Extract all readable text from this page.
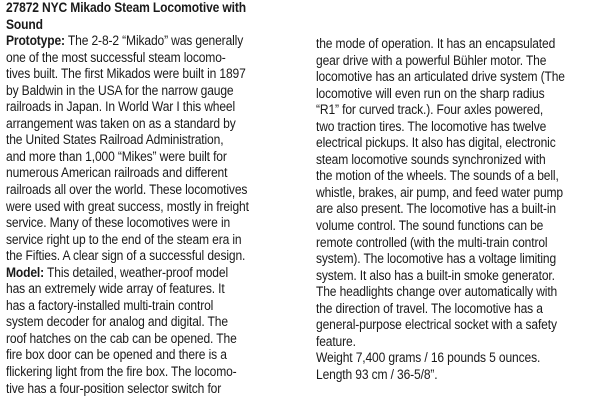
27872 NYC Mikado Steam Locomotive with
Sound
Prototype: The 2-8-2 “Mikado” was generally
one of the most successful steam locomo-
tives built. The first Mikados were built in 1897
by Baldwin in the USA for the narrow gauge
railroads in Japan. In World War I this wheel
arrangement was taken on as a standard by
the United States Railroad Administration,
and more than 1,000 “Mikes” were built for
numerous American railroads and different
railroads all over the world. These locomotives
were used with great success, mostly in freight
service. Many of these locomotives were in
service right up to the end of the steam era in
the Fifties. A clear sign of a successful design.
Model: This detailed, weather-proof model
has an extremely wide array of features. It
has a factory-installed multi-train control
system decoder for analog and digital. The
roof hatches on the cab can be opened. The
fire box door can be opened and there is a
flickering light from the fire box. The locomo-
tive has a four-position selector switch for
the mode of operation. It has an encapsulated
gear drive with a powerful Bühler motor. The
locomotive has an articulated drive system (The
locomotive will even run on the sharp radius
“R1” for curved track.). Four axles powered,
two traction tires. The locomotive has twelve
electrical pickups. It also has digital, electronic
steam locomotive sounds synchronized with
the motion of the wheels. The sounds of a bell,
whistle, brakes, air pump, and feed water pump
are also present. The locomotive has a built-in
volume control. The sound functions can be
remote controlled (with the multi-train control
system). The locomotive has a voltage limiting
system. It also has a built-in smoke generator.
The headlights change over automatically with
the direction of travel. The locomotive has a
general-purpose electrical socket with a safety
feature.
Weight 7,400 grams / 16 pounds 5 ounces.
Length 93 cm / 36-5/8”.
